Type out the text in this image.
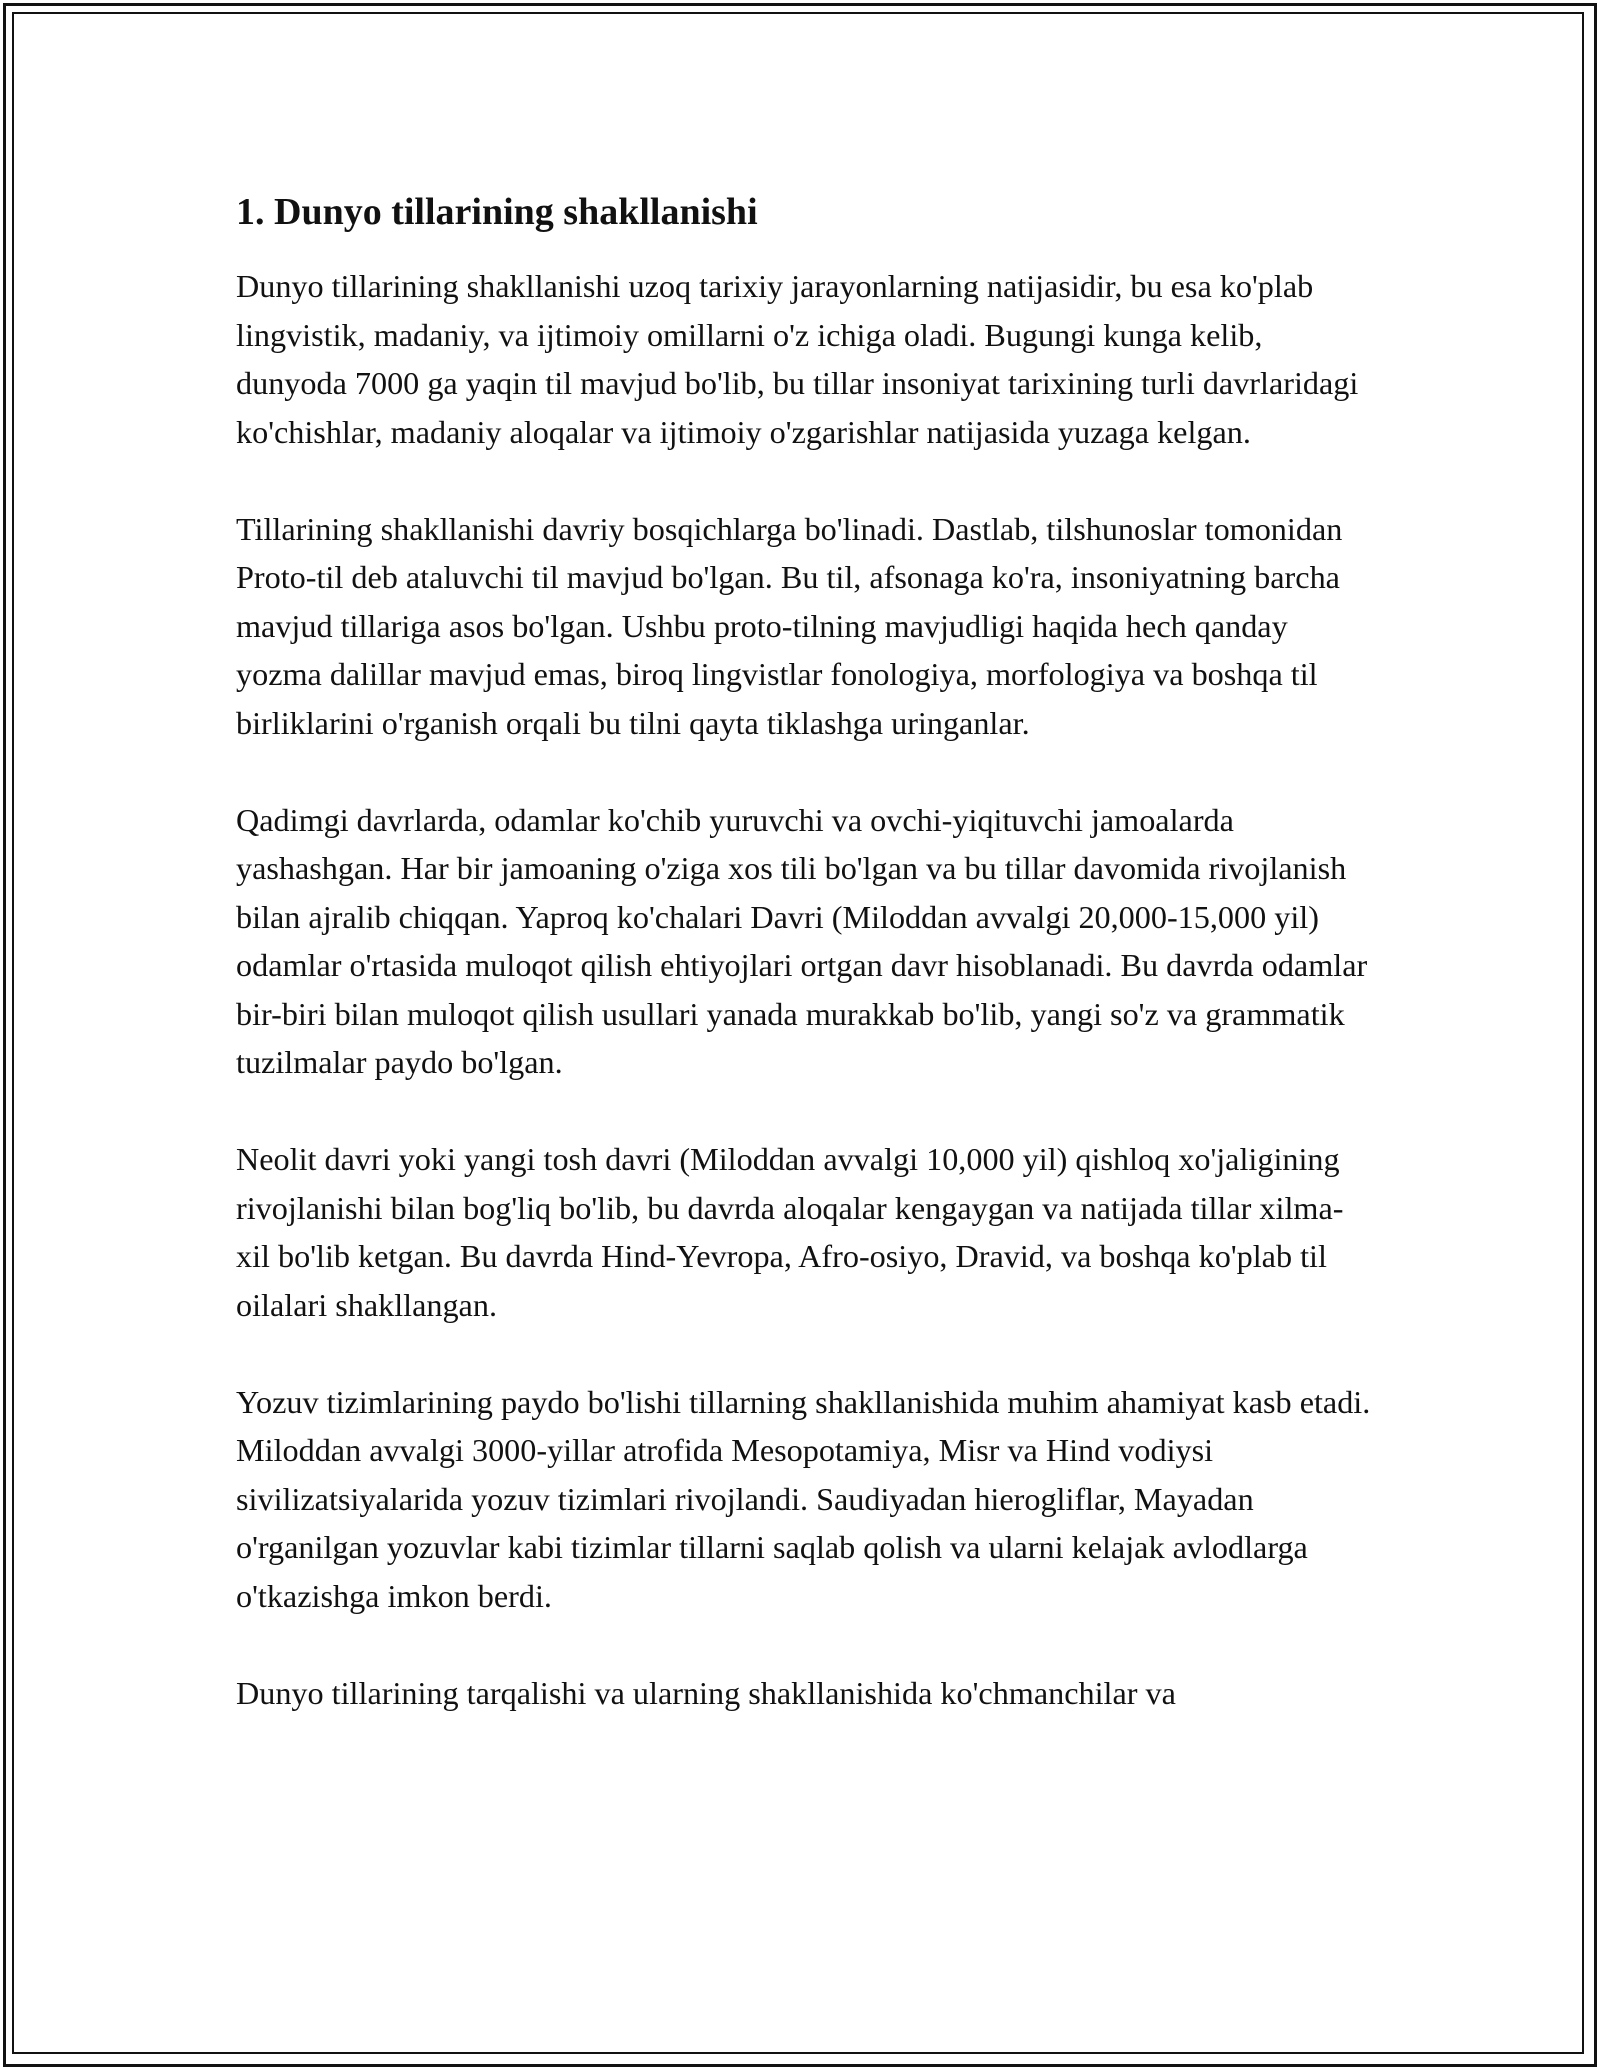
1. Dunyo tillarining shakllanishi

Dunyo tillarining shakllanishi uzoq tarixiy jarayonlarning natijasidir, bu esa ko'plab lingvistik, madaniy, va ijtimoiy omillarni o'z ichiga oladi. Bugungi kunga kelib, dunyoda 7000 ga yaqin til mavjud bo'lib, bu tillar insoniyat tarixining turli davrlaridagi ko'chishlar, madaniy aloqalar va ijtimoiy o'zgarishlar natijasida yuzaga kelgan.

Tillarining shakllanishi davriy bosqichlarga bo'linadi. Dastlab, tilshunoslar tomonidan Proto-til deb ataluvchi til mavjud bo'lgan. Bu til, afsonaga ko'ra, insoniyatning barcha mavjud tillariga asos bo'lgan. Ushbu proto-tilning mavjudligi haqida hech qanday yozma dalillar mavjud emas, biroq lingvistlar fonologiya, morfologiya va boshqa til birliklarini o'rganish orqali bu tilni qayta tiklashga uringanlar.

Qadimgi davrlarda, odamlar ko'chib yuruvchi va ovchi-yiqituvchi jamoalarda yashashgan. Har bir jamoaning o'ziga xos tili bo'lgan va bu tillar davomida rivojlanish bilan ajralib chiqqan. Yaproq ko'chalari Davri (Miloddan avvalgi 20,000-15,000 yil) odamlar o'rtasida muloqot qilish ehtiyojlari ortgan davr hisoblanadi. Bu davrda odamlar bir-biri bilan muloqot qilish usullari yanada murakkab bo'lib, yangi so'z va grammatik tuzilmalar paydo bo'lgan.

Neolit davri yoki yangi tosh davri (Miloddan avvalgi 10,000 yil) qishloq xo'jaligining rivojlanishi bilan bog'liq bo'lib, bu davrda aloqalar kengaygan va natijada tillar xilma-xil bo'lib ketgan. Bu davrda Hind-Yevropa, Afro-osiyo, Dravid, va boshqa ko'plab til oilalari shakllangan.

Yozuv tizimlarining paydo bo'lishi tillarning shakllanishida muhim ahamiyat kasb etadi. Miloddan avvalgi 3000-yillar atrofida Mesopotamiya, Misr va Hind vodiysi sivilizatsiyalarida yozuv tizimlari rivojlandi. Saudiyadan hierogliflar, Mayadan o'rganilgan yozuvlar kabi tizimlar tillarni saqlab qolish va ularni kelajak avlodlarga o'tkazishga imkon berdi.

Dunyo tillarining tarqalishi va ularning shakllanishida ko'chmanchilar va
